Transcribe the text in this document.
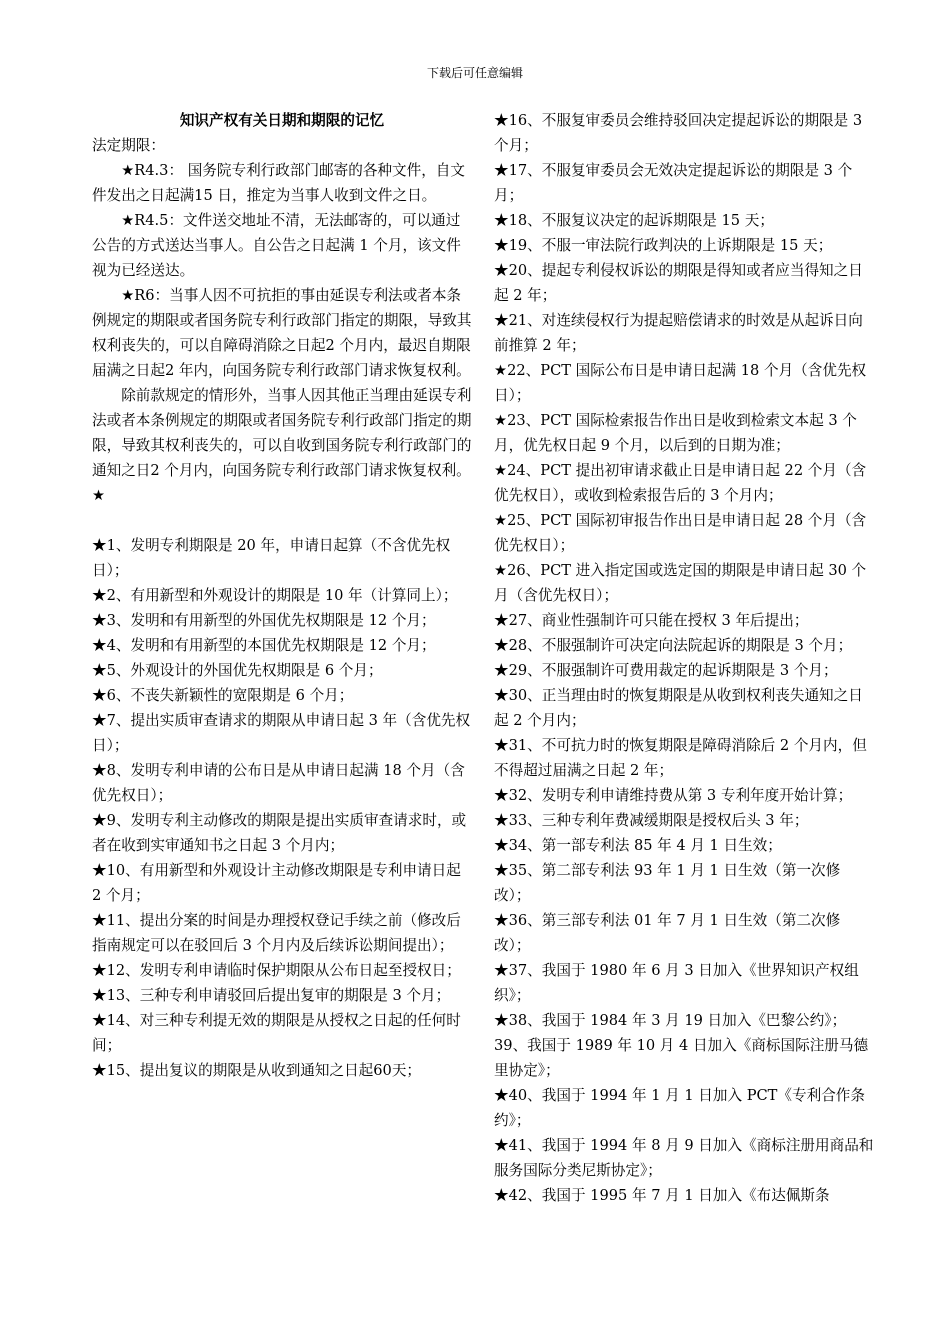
下载后可任意编辑

知识产权有关日期和期限的记忆

法定期限：

★R4.3： 国务院专利行政部门邮寄的各种文件，自文件发出之日起满15 日，推定为当事人收到文件之日。

★R4.5：文件送交地址不清，无法邮寄的，可以通过公告的方式送达当事人。自公告之日起满 1 个月，该文件视为已经送达。

★R6：当事人因不可抗拒的事由延误专利法或者本条例规定的期限或者国务院专利行政部门指定的期限，导致其权利丧失的，可以自障碍消除之日起2 个月内，最迟自期限届满之日起2 年内，向国务院专利行政部门请求恢复权利。

除前款规定的情形外，当事人因其他正当理由延误专利法或者本条例规定的期限或者国务院专利行政部门指定的期限，导致其权利丧失的，可以自收到国务院专利行政部门的通知之日2 个月内，向国务院专利行政部门请求恢复权利。

★

★1、发明专利期限是 20 年，申请日起算（不含优先权日）；

★2、有用新型和外观设计的期限是 10 年（计算同上）；

★3、发明和有用新型的外国优先权期限是 12 个月；

★4、发明和有用新型的本国优先权期限是 12 个月；

★5、外观设计的外国优先权期限是 6 个月；

★6、不丧失新颖性的宽限期是 6 个月；

★7、提出实质审查请求的期限从申请日起 3 年（含优先权日）；

★8、发明专利申请的公布日是从申请日起满 18 个月（含优先权日）；

★9、发明专利主动修改的期限是提出实质审查请求时，或者在收到实审通知书之日起 3 个月内；

★10、有用新型和外观设计主动修改期限是专利申请日起 2 个月；

★11、提出分案的时间是办理授权登记手续之前（修改后指南规定可以在驳回后 3 个月内及后续诉讼期间提出）；

★12、发明专利申请临时保护期限从公布日起至授权日；

★13、三种专利申请驳回后提出复审的期限是 3 个月；

★14、对三种专利提无效的期限是从授权之日起的任何时间；

★15、提出复议的期限是从收到通知之日起60天；

★16、不服复审委员会维持驳回决定提起诉讼的期限是 3 个月；

★17、不服复审委员会无效决定提起诉讼的期限是 3 个月；

★18、不服复议决定的起诉期限是 15 天；

★19、不服一审法院行政判决的上诉期限是 15 天；

★20、提起专利侵权诉讼的期限是得知或者应当得知之日起 2 年；

★21、对连续侵权行为提起赔偿请求的时效是从起诉日向前推算 2 年；

★22、PCT 国际公布日是申请日起满 18 个月（含优先权日）；

★23、PCT 国际检索报告作出日是收到检索文本起 3 个月，优先权日起 9 个月，以后到的日期为准；

★24、PCT 提出初审请求截止日是申请日起 22 个月（含优先权日），或收到检索报告后的 3 个月内；

★25、PCT 国际初审报告作出日是申请日起 28 个月（含优先权日）；

★26、PCT 进入指定国或选定国的期限是申请日起 30 个月（含优先权日）；

★27、商业性强制许可只能在授权 3 年后提出；

★28、不服强制许可决定向法院起诉的期限是 3 个月；

★29、不服强制许可费用裁定的起诉期限是 3 个月；

★30、正当理由时的恢复期限是从收到权利丧失通知之日起 2 个月内；

★31、不可抗力时的恢复期限是障碍消除后 2 个月内，但不得超过届满之日起 2 年；

★32、发明专利申请维持费从第 3 专利年度开始计算；

★33、三种专利年费减缓期限是授权后头 3 年；

★34、第一部专利法 85 年 4 月 1 日生效；

★35、第二部专利法 93 年 1 月 1 日生效（第一次修改）；

★36、第三部专利法 01 年 7 月 1 日生效（第二次修改）；

★37、我国于 1980 年 6 月 3 日加入《世界知识产权组织》；

★38、我国于 1984 年 3 月 19 日加入《巴黎公约》；

39、我国于 1989 年 10 月 4 日加入《商标国际注册马德里协定》；

★40、我国于 1994 年 1 月 1 日加入 PCT《专利合作条约》；

★41、我国于 1994 年 8 月 9 日加入《商标注册用商品和服务国际分类尼斯协定》；

★42、我国于 1995 年 7 月 1 日加入《布达佩斯条
